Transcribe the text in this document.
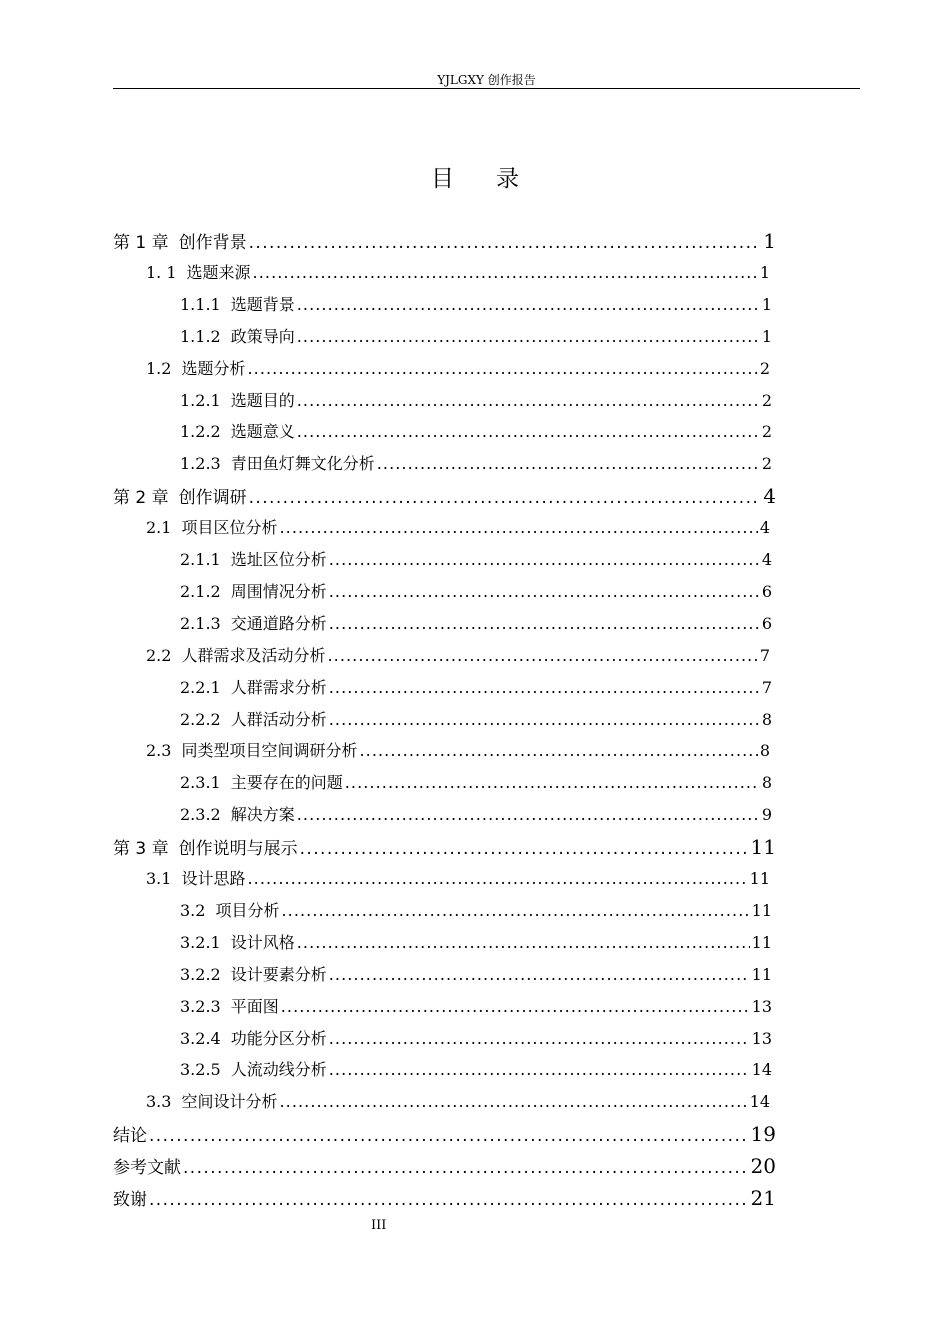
YJLGXY 创作报告
目录
第 1 章 创作背景 . . .	1
1. 1 选题来源 . . .	1
1.1.1 选题背景 . . .	1
1.1.2 政策导向 . . .	1
1.2 选题分析 . . .	2
1.2.1 选题目的 . . .	2
1.2.2 选题意义 . . .	2
1.2.3 青田鱼灯舞文化分析 . . .	2
第 2 章 创作调研 . . .	4
2.1 项目区位分析 . . .	4
2.1.1 选址区位分析 . . .	4
2.1.2 周围情况分析 . . .	6
2.1.3 交通道路分析 . . .	6
2.2 人群需求及活动分析 . . .	7
2.2.1 人群需求分析 . . .	7
2.2.2 人群活动分析 . . .	8
2.3 同类型项目空间调研分析 . . .	8
2.3.1 主要存在的问题 . . .	8
2.3.2 解决方案 . . .	9
第 3 章 创作说明与展示 . . .	11
3.1 设计思路 . . .	11
3.2 项目分析 . . .	11
3.2.1 设计风格 . . .	11
3.2.2 设计要素分析 . . .	11
3.2.3 平面图 . . .	13
3.2.4 功能分区分析 . . .	13
3.2.5 人流动线分析 . . .	14
3.3 空间设计分析 . . .	14
结论 . . .	19
参考文献 . . .	20
致谢 . . .	21
III
